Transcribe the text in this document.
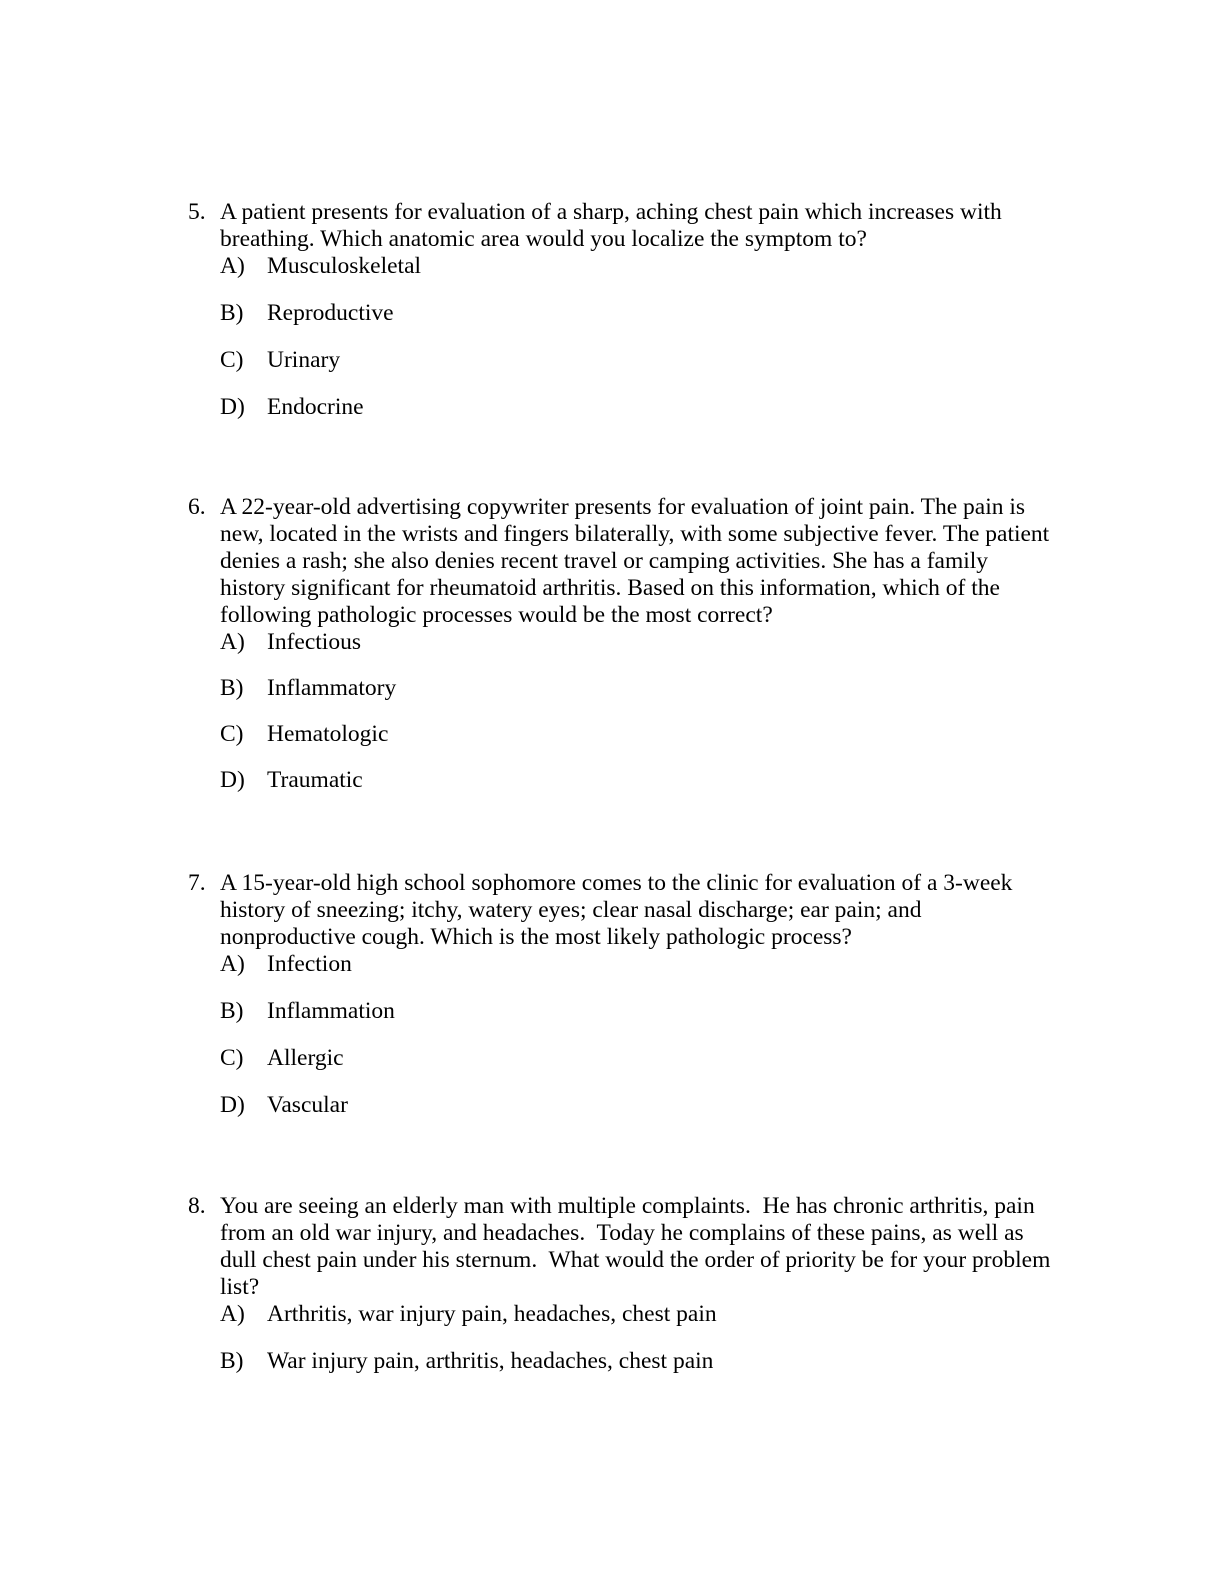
5. A patient presents for evaluation of a sharp, aching chest pain which increases with
breathing. Which anatomic area would you localize the symptom to?
A) Musculoskeletal
B) Reproductive
C) Urinary
D) Endocrine
6. A 22-year-old advertising copywriter presents for evaluation of joint pain. The pain is
new, located in the wrists and fingers bilaterally, with some subjective fever. The patient
denies a rash; she also denies recent travel or camping activities. She has a family
history significant for rheumatoid arthritis. Based on this information, which of the
following pathologic processes would be the most correct?
A) Infectious
B) Inflammatory
C) Hematologic
D) Traumatic
7. A 15-year-old high school sophomore comes to the clinic for evaluation of a 3-week
history of sneezing; itchy, watery eyes; clear nasal discharge; ear pain; and
nonproductive cough. Which is the most likely pathologic process?
A) Infection
B) Inflammation
C) Allergic
D) Vascular
8. You are seeing an elderly man with multiple complaints.  He has chronic arthritis, pain
from an old war injury, and headaches.  Today he complains of these pains, as well as
dull chest pain under his sternum.  What would the order of priority be for your problem
list?
A) Arthritis, war injury pain, headaches, chest pain
B) War injury pain, arthritis, headaches, chest pain
